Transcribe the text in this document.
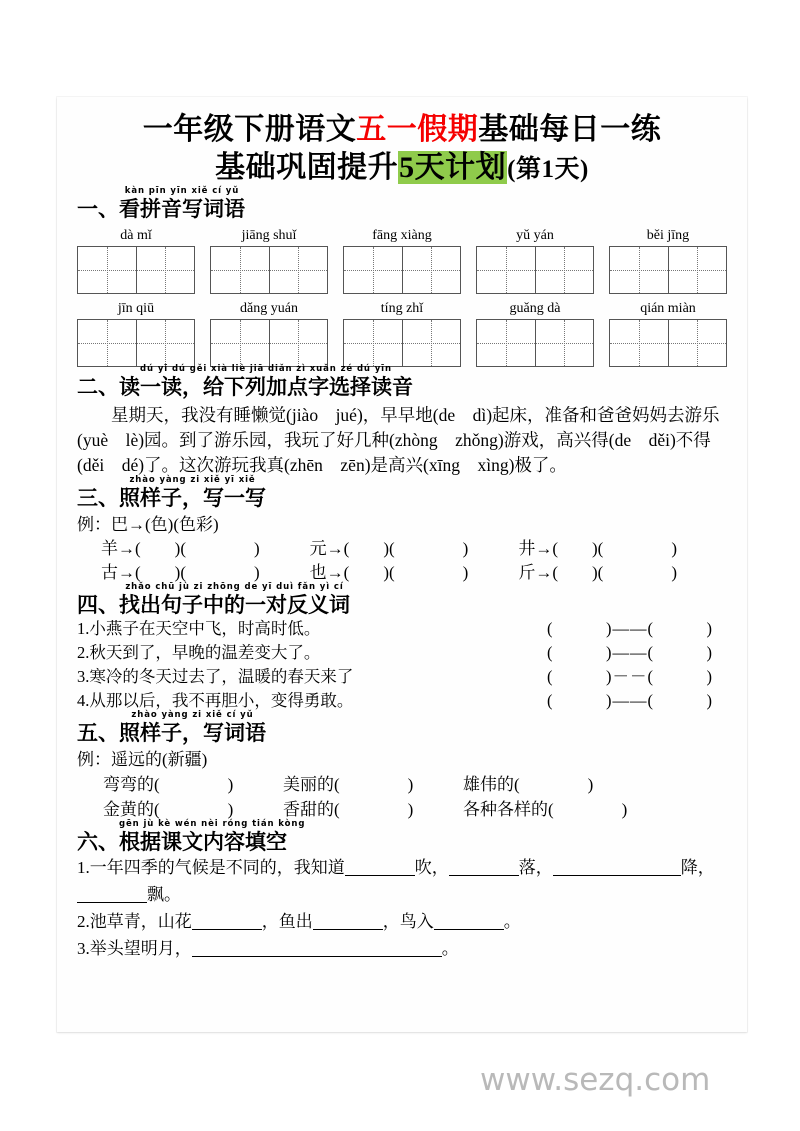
一年级下册语文五一假期基础每日一练
基础巩固提升5天计划(第1天)
一、
kàn pīn yīn xiě cí yǔ
看拼音写词语
dà mǐ	jiāng shuǐ	fāng xiàng	yǔ yán	běi jīng
jīn qiū	dǎng yuán	tíng zhǐ	guǎng dà	qián miàn
二、
dú yī dú gěi xià liè jiā diǎn zì xuǎn zé dú yīn
读一读，给下列加点字选择读音
星期天，我没有睡懒觉(jiào　jué)，早早地(de　dì)起床，准备和爸爸妈妈去游乐(yuè　lè)园。到了游乐园，我玩了好几种(zhòng　zhǒng)游戏，高兴得(de　děi)不得(děi　dé)了。这次游玩我真(zhēn　zēn)是高兴(xīng　xìng)极了。
三、
zhào yàng zi xiě yī xiě
照样子，写一写
例：巴→(色)(色彩)
羊→(　　)(　　　　)	元→(　　)(　　　　)	井→(　　)(　　　　)
古→(　　)(　　　　)	也→(　　)(　　　　)	斤→(　　)(　　　　)
四、
zhǎo chū jù zi zhōng de yī duì fǎn yì cí
找出句子中的一对反义词
1.小燕子在天空中飞，时高时低。	(　　　)——(　　　)
2.秋天到了，早晚的温差变大了。	(　　　)——(　　　)
3.寒冷的冬天过去了，温暖的春天来了	(　　　)－－(　　　)
4.从那以后，我不再胆小，变得勇敢。	(　　　)——(　　　)
五、
zhào yàng zi xiě cí yǔ
照样子，写词语
例：遥远的(新疆)
弯弯的(　　　　)	美丽的(　　　　)	雄伟的(　　　　)
金黄的(　　　　)	香甜的(　　　　)	各种各样的(　　　　)
六、
gēn jù kè wén nèi róng tián kòng
根据课文内容填空
1.一年四季的气候是不同的，我知道	吹，	落，	降，飘。
2.池草青，山花	，鱼出	，鸟入	。
3.举头望明月，	。
www.sezq.com
